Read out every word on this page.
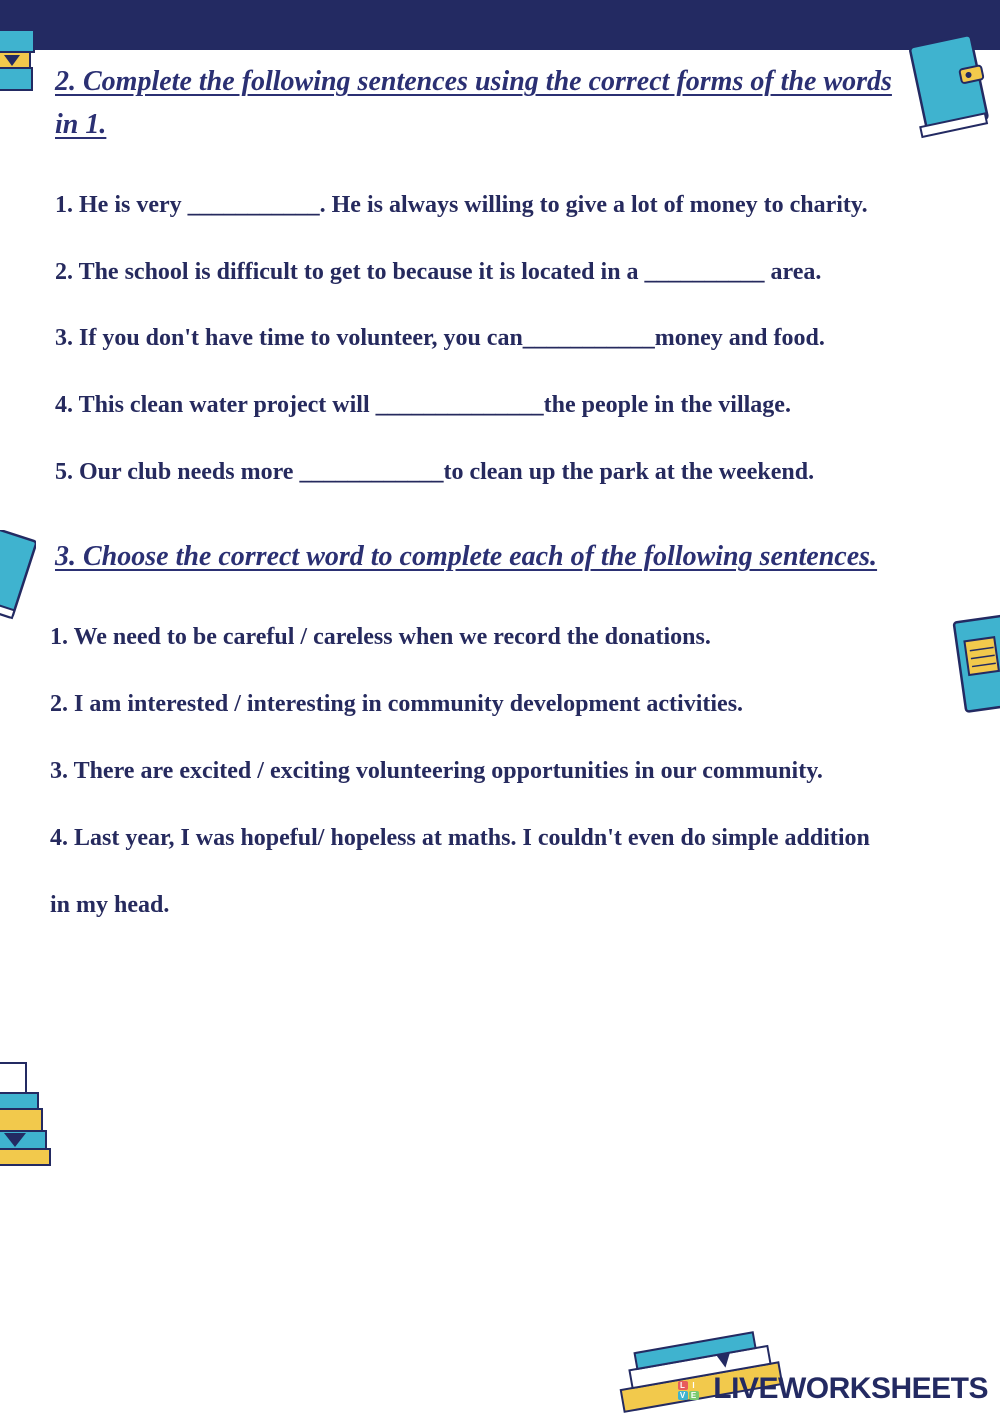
2. Complete the following sentences using the correct forms of the words in 1.

1. He is very ___________. He is always willing to give a lot of money to charity.

2. The school is difficult to get to because it is located in a __________ area.

3. If you don't have time to volunteer, you can___________money and food.

4. This clean water project will ______________the people in the village.

5. Our club needs more ____________to clean up the park at the weekend.

3. Choose the correct word to complete each of the following sentences.

1. We need to be careful / careless when we record the donations.

2. I am interested / interesting in community development activities.

3. There are excited / exciting volunteering opportunities in our community.

4. Last year, I was hopeful/ hopeless at maths. I couldn't even do simple addition

in my head.

L I
V E LIVEWORKSHEETS
